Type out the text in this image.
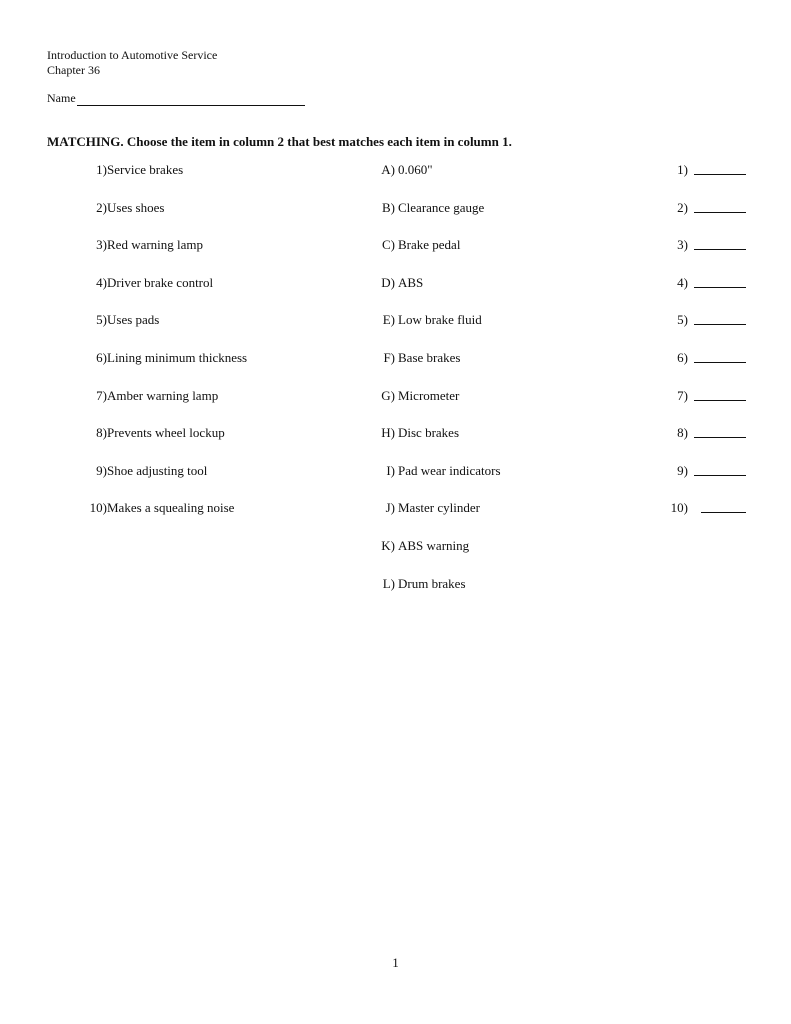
Introduction to Automotive Service
Chapter 36
Name
MATCHING. Choose the item in column 2 that best matches each item in column 1.
1) Service brakes	A) 0.060"	1)
2) Uses shoes	B) Clearance gauge	2)
3) Red warning lamp	C) Brake pedal	3)
4) Driver brake control	D) ABS	4)
5) Uses pads	E) Low brake fluid	5)
6) Lining minimum thickness	F) Base brakes	6)
7) Amber warning lamp	G) Micrometer	7)
8) Prevents wheel lockup	H) Disc brakes	8)
9) Shoe adjusting tool	I) Pad wear indicators	9)
10) Makes a squealing noise	J) Master cylinder	10)
K) ABS warning
L) Drum brakes
1
